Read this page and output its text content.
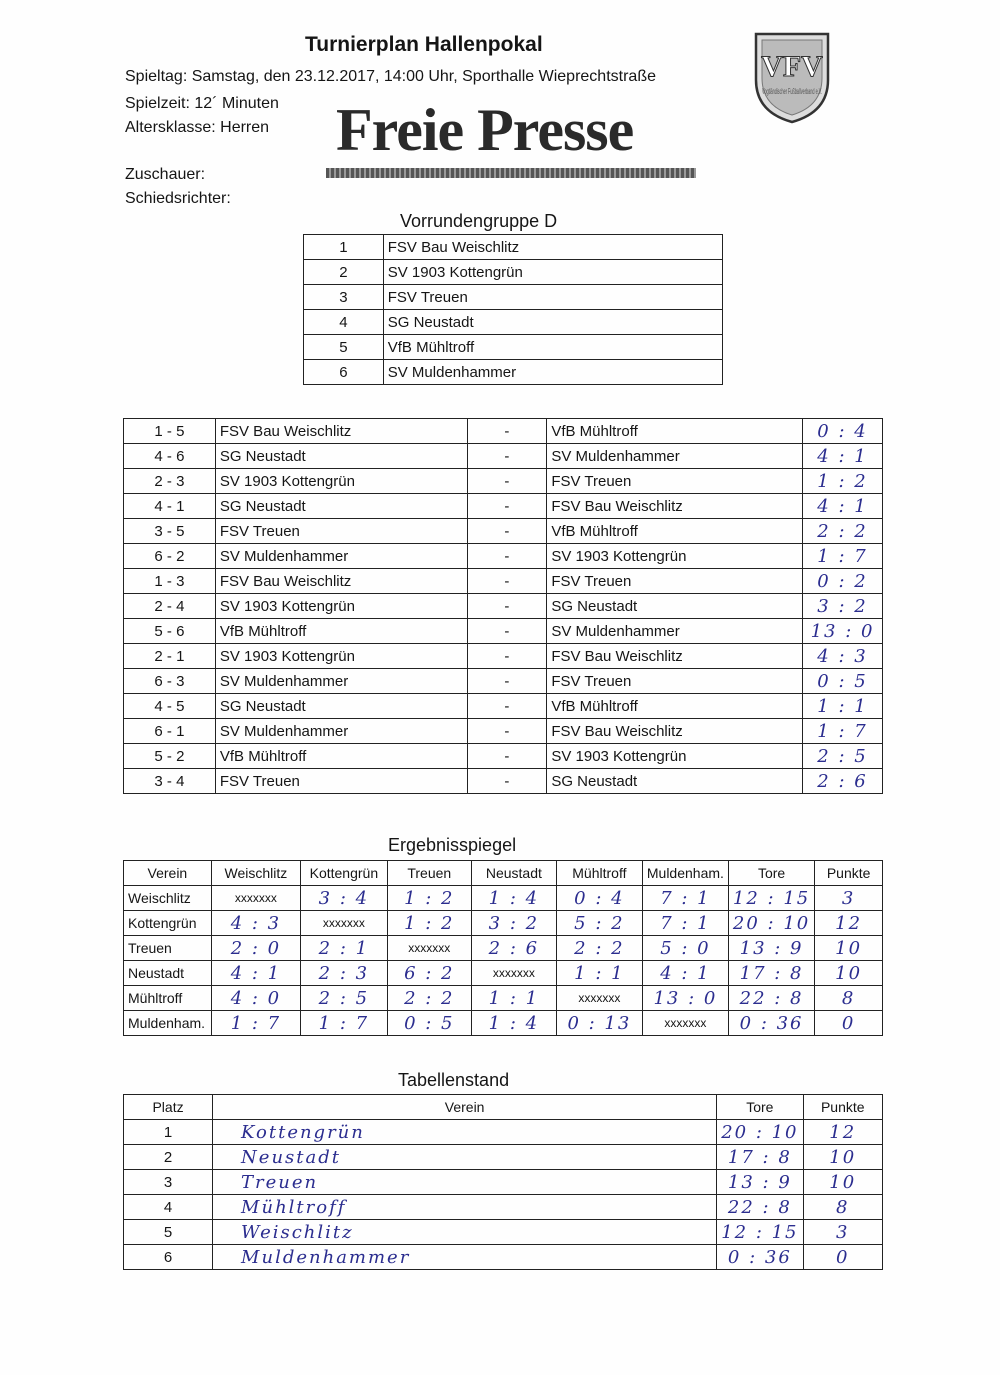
Turnierplan Hallenpokal
Spieltag: Samstag, den 23.12.2017, 14:00 Uhr, Sporthalle Wieprechtstraße
Spielzeit: 12´ Minuten
Altersklasse: Herren
Zuschauer:
Schiedsrichter:
Freie Presse
VFV
Vogtländischer Fußballverband e.V.
Vorrundengruppe D
1	FSV Bau Weischlitz
2	SV 1903 Kottengrün
3	FSV Treuen
4	SG Neustadt
5	VfB Mühltroff
6	SV Muldenhammer
1 - 5	FSV Bau Weischlitz	-	VfB Mühltroff	0 : 4
4 - 6	SG Neustadt	-	SV Muldenhammer	4 : 1
2 - 3	SV 1903 Kottengrün	-	FSV Treuen	1 : 2
4 - 1	SG Neustadt	-	FSV Bau Weischlitz	4 : 1
3 - 5	FSV Treuen	-	VfB Mühltroff	2 : 2
6 - 2	SV Muldenhammer	-	SV 1903 Kottengrün	1 : 7
1 - 3	FSV Bau Weischlitz	-	FSV Treuen	0 : 2
2 - 4	SV 1903 Kottengrün	-	SG Neustadt	3 : 2
5 - 6	VfB Mühltroff	-	SV Muldenhammer	13 : 0
2 - 1	SV 1903 Kottengrün	-	FSV Bau Weischlitz	4 : 3
6 - 3	SV Muldenhammer	-	FSV Treuen	0 : 5
4 - 5	SG Neustadt	-	VfB Mühltroff	1 : 1
6 - 1	SV Muldenhammer	-	FSV Bau Weischlitz	1 : 7
5 - 2	VfB Mühltroff	-	SV 1903 Kottengrün	2 : 5
3 - 4	FSV Treuen	-	SG Neustadt	2 : 6
Ergebnisspiegel
Verein	Weischlitz	Kottengrün	Treuen	Neustadt	Mühltroff	Muldenham.	Tore	Punkte
Weischlitz	xxxxxxx	3 : 4	1 : 2	1 : 4	0 : 4	7 : 1	12 : 15	3
Kottengrün	4 : 3	xxxxxxx	1 : 2	3 : 2	5 : 2	7 : 1	20 : 10	12
Treuen	2 : 0	2 : 1	xxxxxxx	2 : 6	2 : 2	5 : 0	13 : 9	10
Neustadt	4 : 1	2 : 3	6 : 2	xxxxxxx	1 : 1	4 : 1	17 : 8	10
Mühltroff	4 : 0	2 : 5	2 : 2	1 : 1	xxxxxxx	13 : 0	22 : 8	8
Muldenham.	1 : 7	1 : 7	0 : 5	1 : 4	0 : 13	xxxxxxx	0 : 36	0
Tabellenstand
Platz	Verein	Tore	Punkte
1	Kottengrün	20 : 10	12
2	Neustadt	17 : 8	10
3	Treuen	13 : 9	10
4	Mühltroff	22 : 8	8
5	Weischlitz	12 : 15	3
6	Muldenhammer	0 : 36	0
